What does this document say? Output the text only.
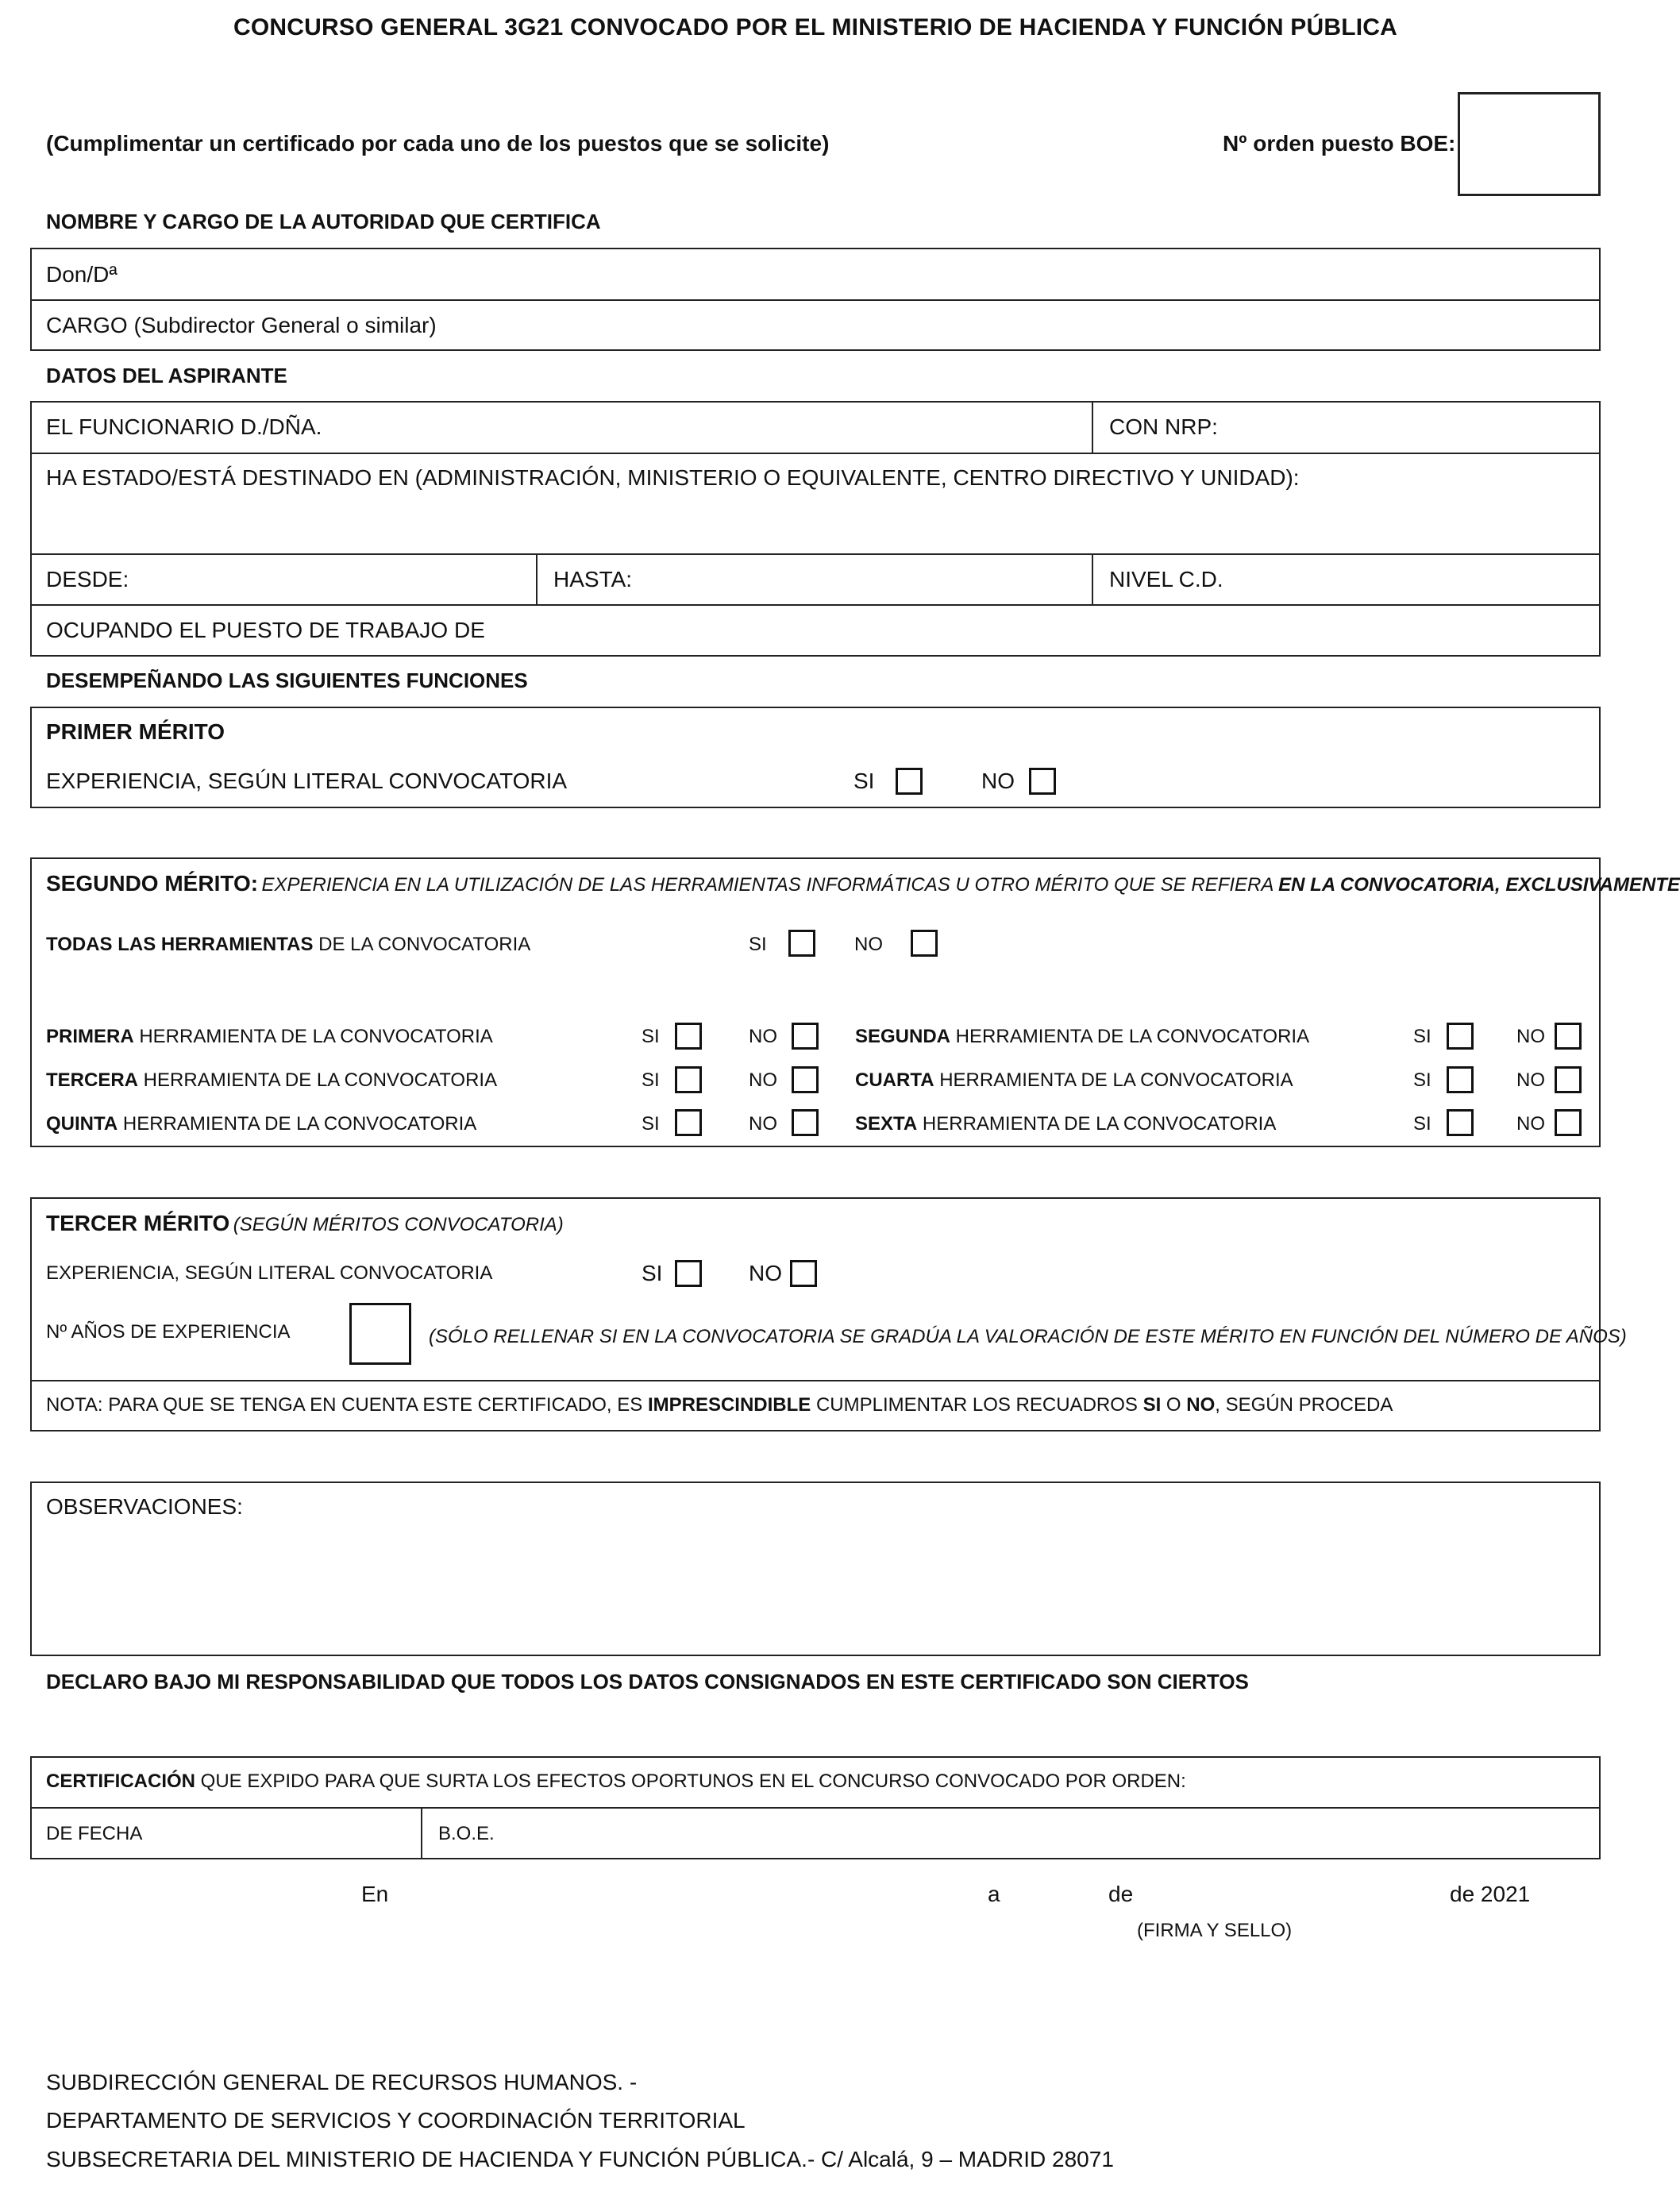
CONCURSO GENERAL 3G21 CONVOCADO POR EL MINISTERIO DE HACIENDA Y FUNCIÓN PÚBLICA
(Cumplimentar un certificado por cada uno de los puestos que se solicite)	Nº orden puesto BOE:
NOMBRE Y CARGO DE LA AUTORIDAD QUE CERTIFICA
Don/Dª
CARGO (Subdirector General o similar)
DATOS DEL ASPIRANTE
EL FUNCIONARIO D./DÑA.	CON NRP:
HA ESTADO/ESTÁ DESTINADO EN (ADMINISTRACIÓN, MINISTERIO O EQUIVALENTE, CENTRO DIRECTIVO Y UNIDAD):
DESDE:	HASTA:	NIVEL C.D.
OCUPANDO EL PUESTO DE TRABAJO DE
DESEMPEÑANDO LAS SIGUIENTES FUNCIONES
PRIMER MÉRITO
EXPERIENCIA, SEGÚN LITERAL CONVOCATORIA	SI	NO
SEGUNDO MÉRITO: EXPERIENCIA EN LA UTILIZACIÓN DE LAS HERRAMIENTAS INFORMÁTICAS U OTRO MÉRITO QUE SE REFIERA EN LA CONVOCATORIA, EXCLUSIVAMENTE
TODAS LAS HERRAMIENTAS DE LA CONVOCATORIA	SI	NO
PRIMERA HERRAMIENTA DE LA CONVOCATORIA	SI	NO	SEGUNDA HERRAMIENTA DE LA CONVOCATORIA	SI	NO
TERCERA HERRAMIENTA DE LA CONVOCATORIA	SI	NO	CUARTA HERRAMIENTA DE LA CONVOCATORIA	SI	NO
QUINTA HERRAMIENTA DE LA CONVOCATORIA	SI	NO	SEXTA HERRAMIENTA DE LA CONVOCATORIA	SI	NO
TERCER MÉRITO (SEGÚN MÉRITOS CONVOCATORIA)
EXPERIENCIA, SEGÚN LITERAL CONVOCATORIA	SI	NO
Nº AÑOS DE EXPERIENCIA	(SÓLO RELLENAR SI EN LA CONVOCATORIA SE GRADÚA LA VALORACIÓN DE ESTE MÉRITO EN FUNCIÓN DEL NÚMERO DE AÑOS)
NOTA: PARA QUE SE TENGA EN CUENTA ESTE CERTIFICADO, ES IMPRESCINDIBLE CUMPLIMENTAR LOS RECUADROS SI O NO, SEGÚN PROCEDA
OBSERVACIONES:
DECLARO BAJO MI RESPONSABILIDAD QUE TODOS LOS DATOS CONSIGNADOS EN ESTE CERTIFICADO SON CIERTOS
CERTIFICACIÓN QUE EXPIDO PARA QUE SURTA LOS EFECTOS OPORTUNOS EN EL CONCURSO CONVOCADO POR ORDEN:
DE FECHA	B.O.E.
En	a	de	de 2021
(FIRMA Y SELLO)
SUBDIRECCIÓN GENERAL DE RECURSOS HUMANOS. -
DEPARTAMENTO DE SERVICIOS Y COORDINACIÓN TERRITORIAL
SUBSECRETARIA DEL MINISTERIO DE HACIENDA Y FUNCIÓN PÚBLICA.- C/ Alcalá, 9 – MADRID 28071
